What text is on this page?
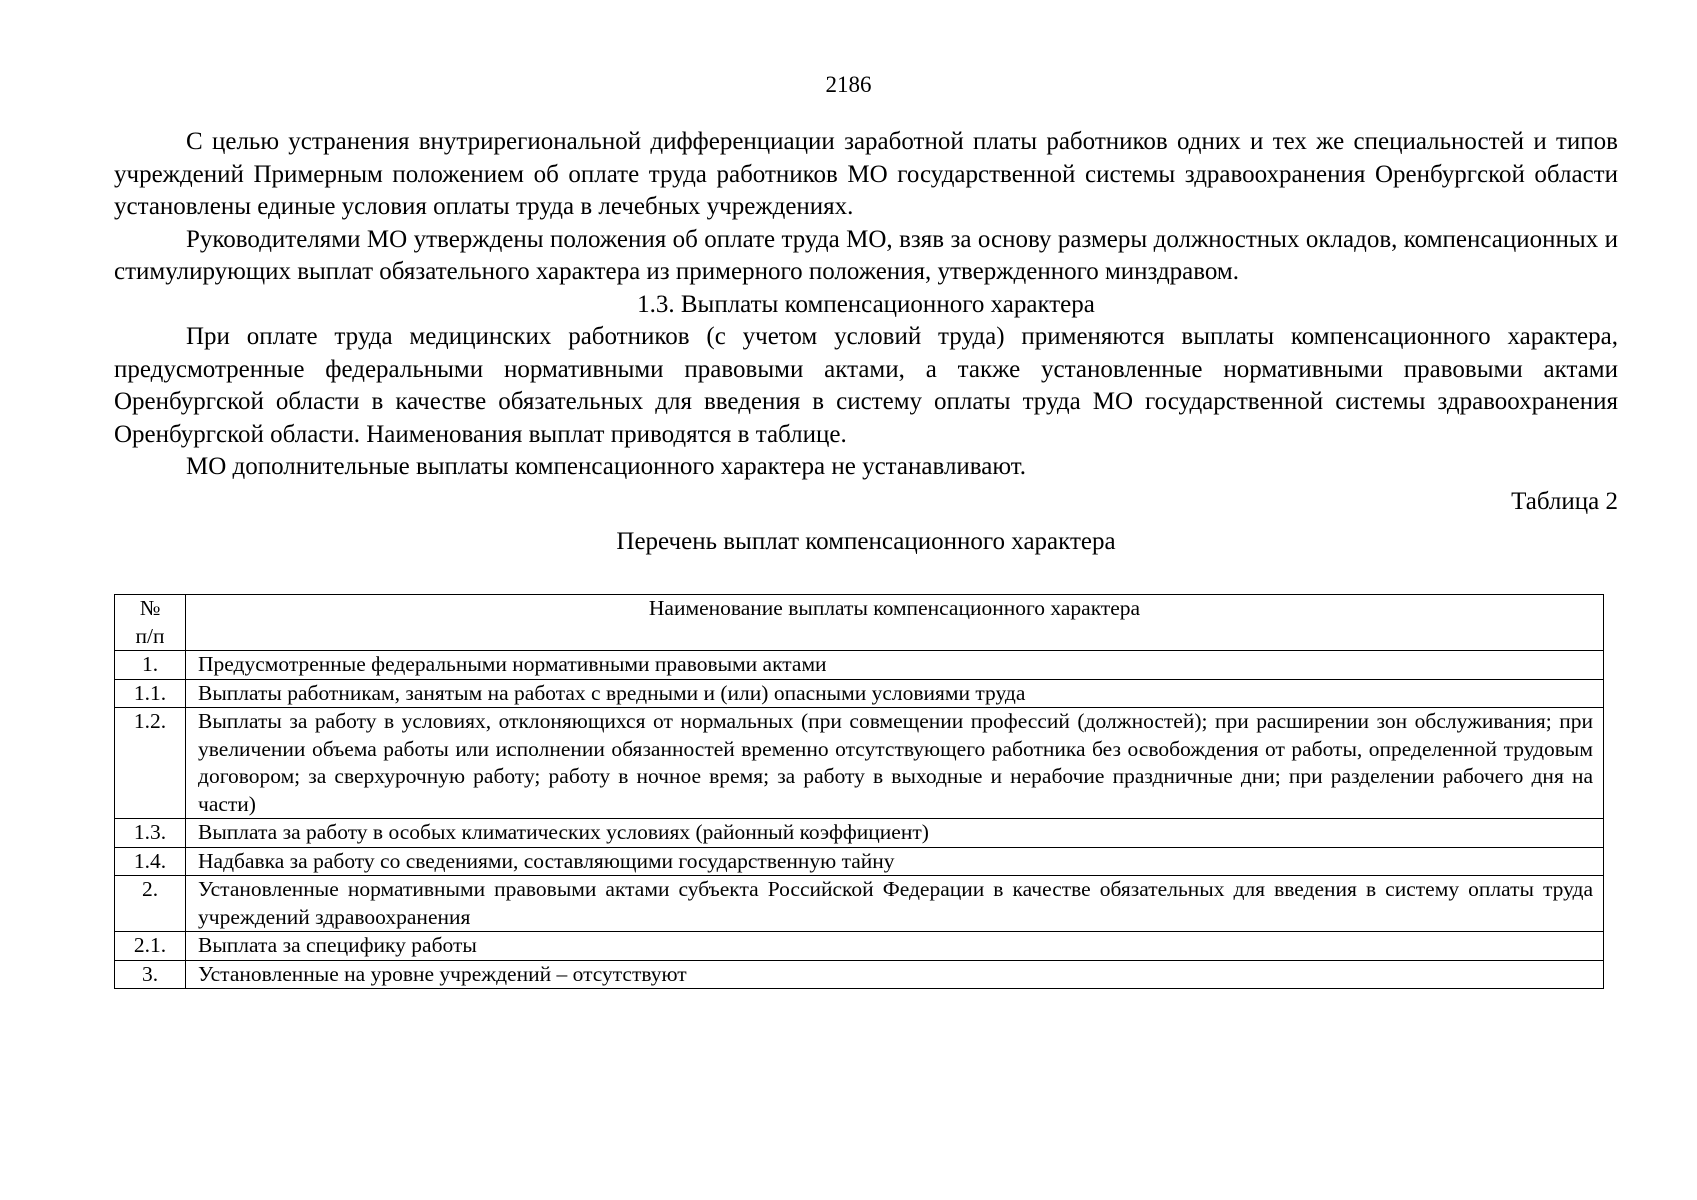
2186

С целью устранения внутрирегиональной дифференциации заработной платы работников одних и тех же специальностей и типов учреждений Примерным положением об оплате труда работников МО государственной системы здравоохранения Оренбургской области установлены единые условия оплаты труда в лечебных учреждениях.

Руководителями МО утверждены положения об оплате труда МО, взяв за основу размеры должностных окладов, компенсационных и стимулирующих выплат обязательного характера из примерного положения, утвержденного минздравом.

1.3. Выплаты компенсационного характера

При оплате труда медицинских работников (с учетом условий труда) применяются выплаты компенсационного характера, предусмотренные федеральными нормативными правовыми актами, а также установленные нормативными правовыми актами Оренбургской области в качестве обязательных для введения в систему оплаты труда МО государственной системы здравоохранения Оренбургской области. Наименования выплат приводятся в таблице.

МО дополнительные выплаты компенсационного характера не устанавливают.

Таблица 2
Перечень выплат компенсационного характера
№
п/п	Наименование выплаты компенсационного характера
1.	Предусмотренные федеральными нормативными правовыми актами
1.1.	Выплаты работникам, занятым на работах с вредными и (или) опасными условиями труда
1.2.	Выплаты за работу в условиях, отклоняющихся от нормальных (при совмещении профессий (должностей); при расширении зон обслуживания; при увеличении объема работы или исполнении обязанностей временно отсутствующего работника без освобождения от работы, определенной трудовым договором; за сверхурочную работу; работу в ночное время; за работу в выходные и нерабочие праздничные дни; при разделении рабочего дня на части)
1.3.	Выплата за работу в особых климатических условиях (районный коэффициент)
1.4.	Надбавка за работу со сведениями, составляющими государственную тайну
2.	Установленные нормативными правовыми актами субъекта Российской Федерации в качестве обязательных для введения в систему оплаты труда учреждений здравоохранения
2.1.	Выплата за специфику работы
3.	Установленные на уровне учреждений – отсутствуют
